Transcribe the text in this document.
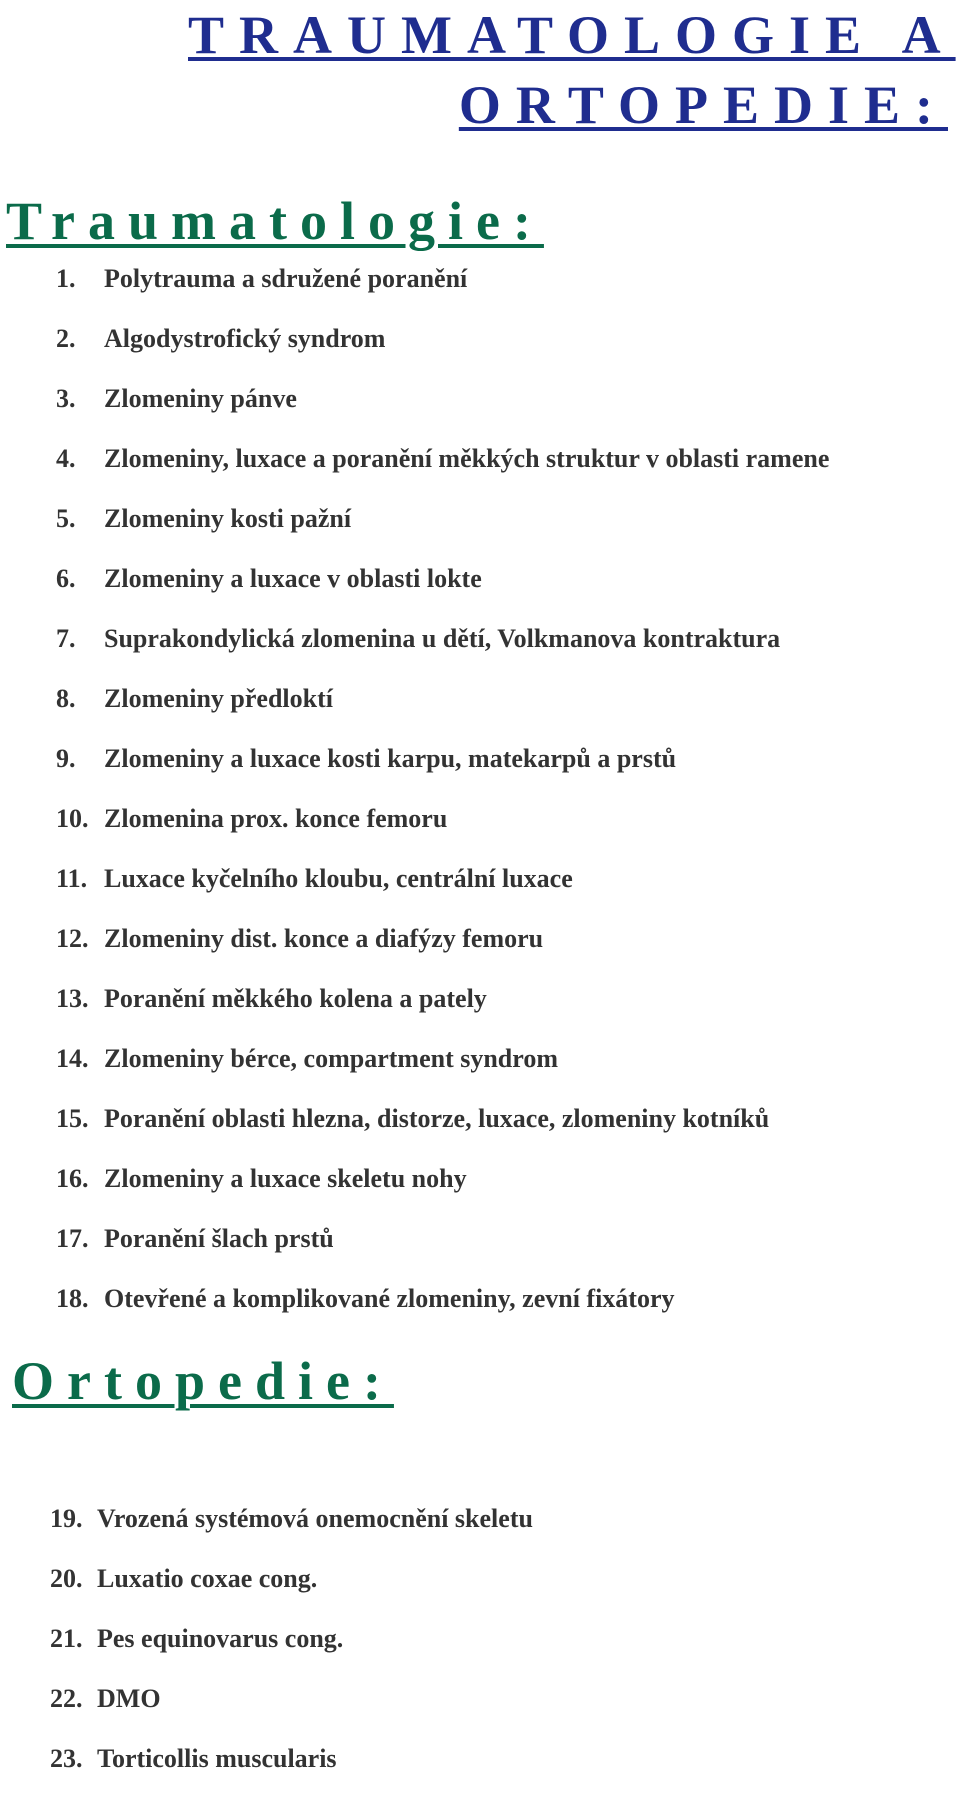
TRAUMATOLOGIE A
ORTOPEDIE:
Traumatologie:
1.	Polytrauma a sdružené poranění
2.	Algodystrofický syndrom
3.	Zlomeniny pánve
4.	Zlomeniny, luxace a poranění měkkých struktur v oblasti ramene
5.	Zlomeniny kosti pažní
6.	Zlomeniny a luxace v oblasti lokte
7.	Suprakondylická zlomenina u dětí, Volkmanova kontraktura
8.	Zlomeniny předloktí
9.	Zlomeniny a luxace kosti karpu, matekarpů a prstů
10. Zlomenina prox. konce femoru
11. Luxace kyčelního kloubu, centrální luxace
12. Zlomeniny dist. konce a diafýzy femoru
13. Poranění měkkého kolena a pately
14. Zlomeniny bérce, compartment syndrom
15. Poranění oblasti hlezna, distorze, luxace, zlomeniny kotníků
16. Zlomeniny a luxace skeletu nohy
17. Poranění šlach prstů
18. Otevřené a komplikované zlomeniny, zevní fixátory
Ortopedie:
19. Vrozená systémová onemocnění skeletu
20. Luxatio coxae cong.
21. Pes equinovarus cong.
22. DMO
23. Torticollis muscularis
